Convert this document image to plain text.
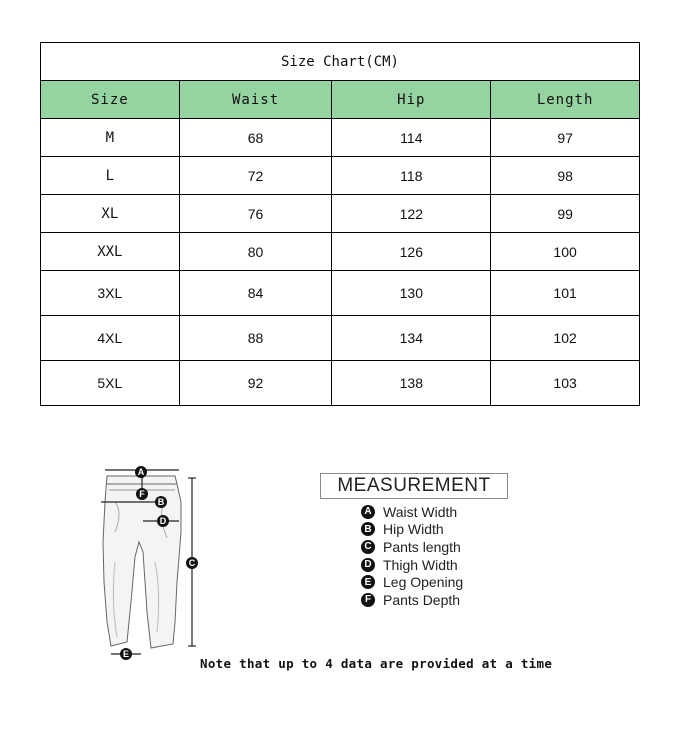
Size Chart(CM)			
Size	Waist	Hip	Length
M	68	114	97
L	72	118	98
XL	76	122	99
XXL	80	126	100
3XL	84	130	101
4XL	88	134	102
5XL	92	138	103
A
F
B
D
C
E
MEASUREMENT
A Waist Width
B Hip Width
C Pants length
D Thigh Width
E Leg Opening
F Pants Depth
Note that up to 4 data are provided at a time
